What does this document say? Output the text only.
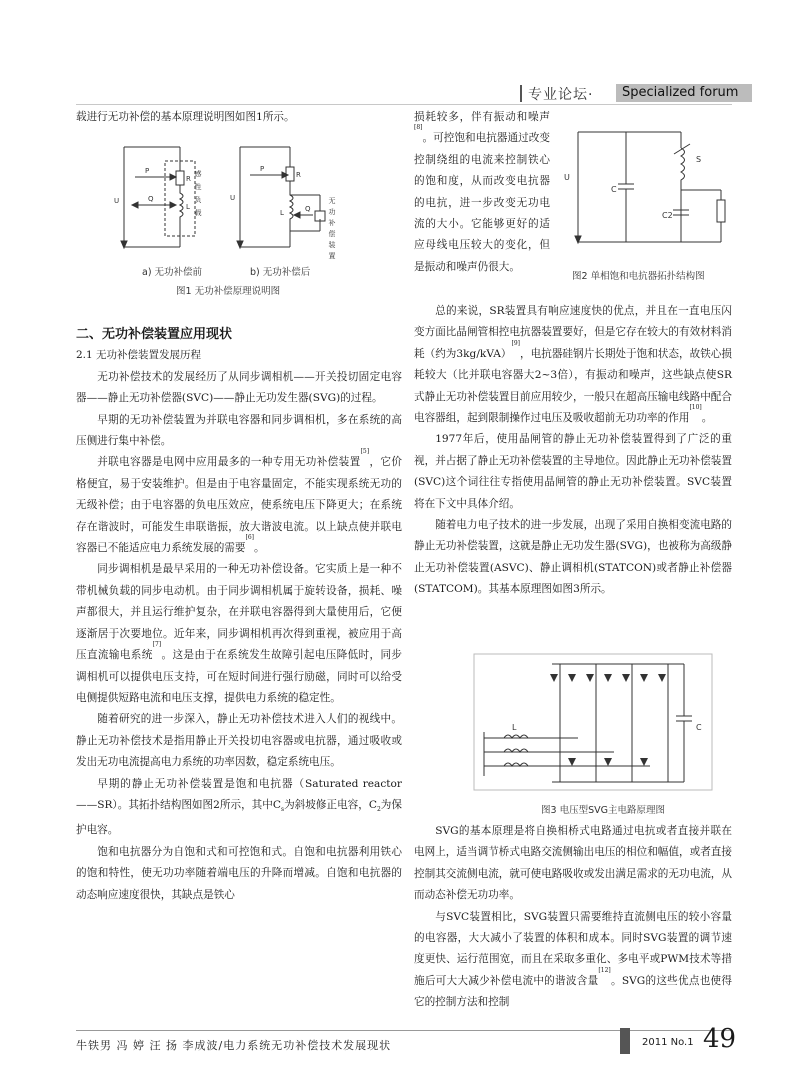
专业论坛·	Specialized forum

载进行无功补偿的基本原理说明图如图1所示。

U
P
Q
R
L 感性负载	U
P
Q
R
L	无功补偿装置
a) 无功补偿前	b) 无功补偿后
图1 无功补偿原理说明图

二、无功补偿装置应用现状

2.1 无功补偿装置发展历程

无功补偿技术的发展经历了从同步调相机——开关投切固定电容器——静止无功补偿器(SVC)——静止无功发生器(SVG)的过程。

早期的无功补偿装置为并联电容器和同步调相机，多在系统的高压侧进行集中补偿。

并联电容器是电网中应用最多的一种专用无功补偿装置[5]，它价格便宜，易于安装维护。但是由于电容量固定，不能实现系统无功的无级补偿；由于电容器的负电压效应，使系统电压下降更大；在系统存在谐波时，可能发生串联谐振，放大谐波电流。以上缺点使并联电容器已不能适应电力系统发展的需要[6]。

同步调相机是最早采用的一种无功补偿设备。它实质上是一种不带机械负载的同步电动机。由于同步调相机属于旋转设备，损耗、噪声都很大，并且运行维护复杂，在并联电容器得到大量使用后，它便逐渐居于次要地位。近年来，同步调相机再次得到重视，被应用于高压直流输电系统[7]。这是由于在系统发生故障引起电压降低时，同步调相机可以提供电压支持，可在短时间进行强行励磁，同时可以给受电侧提供短路电流和电压支撑，提供电力系统的稳定性。

随着研究的进一步深入，静止无功补偿技术进入人们的视线中。静止无功补偿技术是指用静止开关投切电容器或电抗器，通过吸收或发出无功电流提高电力系统的功率因数，稳定系统电压。

早期的静止无功补偿装置是饱和电抗器（Saturated reactor——SR）。其拓扑结构图如图2所示，其中$C_s$为斜坡修正电容，$C_2$为保护电容。

饱和电抗器分为自饱和式和可控饱和式。自饱和电抗器利用铁心的饱和特性，使无功功率随着端电压的升降而增减。自饱和电抗器的动态响应速度很快，其缺点是铁心

损耗较多，伴有振动和噪声[8]。可控饱和电抗器通过改变控制绕组的电流来控制铁心的饱和度，从而改变电抗器的电抗，进一步改变无功电流的大小。它能够更好的适应母线电压较大的变化，但是振动和噪声仍很大。

U
C
S
C2
图2 单相饱和电抗器拓扑结构图

总的来说，SR装置具有响应速度快的优点，并且在一直电压闪变方面比晶闸管相控电抗器装置要好，但是它存在较大的有效材料消耗（约为3kg/kVA）[9]，电抗器硅钢片长期处于饱和状态，故铁心损耗较大（比并联电容器大2~3倍），有振动和噪声，这些缺点使SR式静止无功补偿装置目前应用较少，一般只在超高压输电线路中配合电容器组，起到限制操作过电压及吸收超前无功功率的作用[10]。

1977年后，使用晶闸管的静止无功补偿装置得到了广泛的重视，并占据了静止无功补偿装置的主导地位。因此静止无功补偿装置(SVC)这个词往往专指使用晶闸管的静止无功补偿装置。SVC装置将在下文中具体介绍。

随着电力电子技术的进一步发展，出现了采用自换相变流电路的静止无功补偿装置，这就是静止无功发生器(SVG)，也被称为高级静止无功补偿装置(ASVC)、静止调相机(STATCON)或者静止补偿器(STATCOM)。其基本原理图如图3所示。

L	C
图3 电压型SVG主电路原理图

SVG的基本原理是将自换相桥式电路通过电抗或者直接并联在电网上，适当调节桥式电路交流侧输出电压的相位和幅值，或者直接控制其交流侧电流，就可使电路吸收或发出满足需求的无功电流，从而动态补偿无功功率。

与SVC装置相比，SVG装置只需要维持直流侧电压的较小容量的电容器，大大减小了装置的体积和成本。同时SVG装置的调节速度更快、运行范围宽，而且在采取多重化、多电平或PWM技术等措施后可大大减少补偿电流中的谐波含量[12]。SVG的这些优点也使得它的控制方法和控制

牛铁男 冯 婷 汪 扬 李成波/电力系统无功补偿技术发展现状	2011 No.1 49
